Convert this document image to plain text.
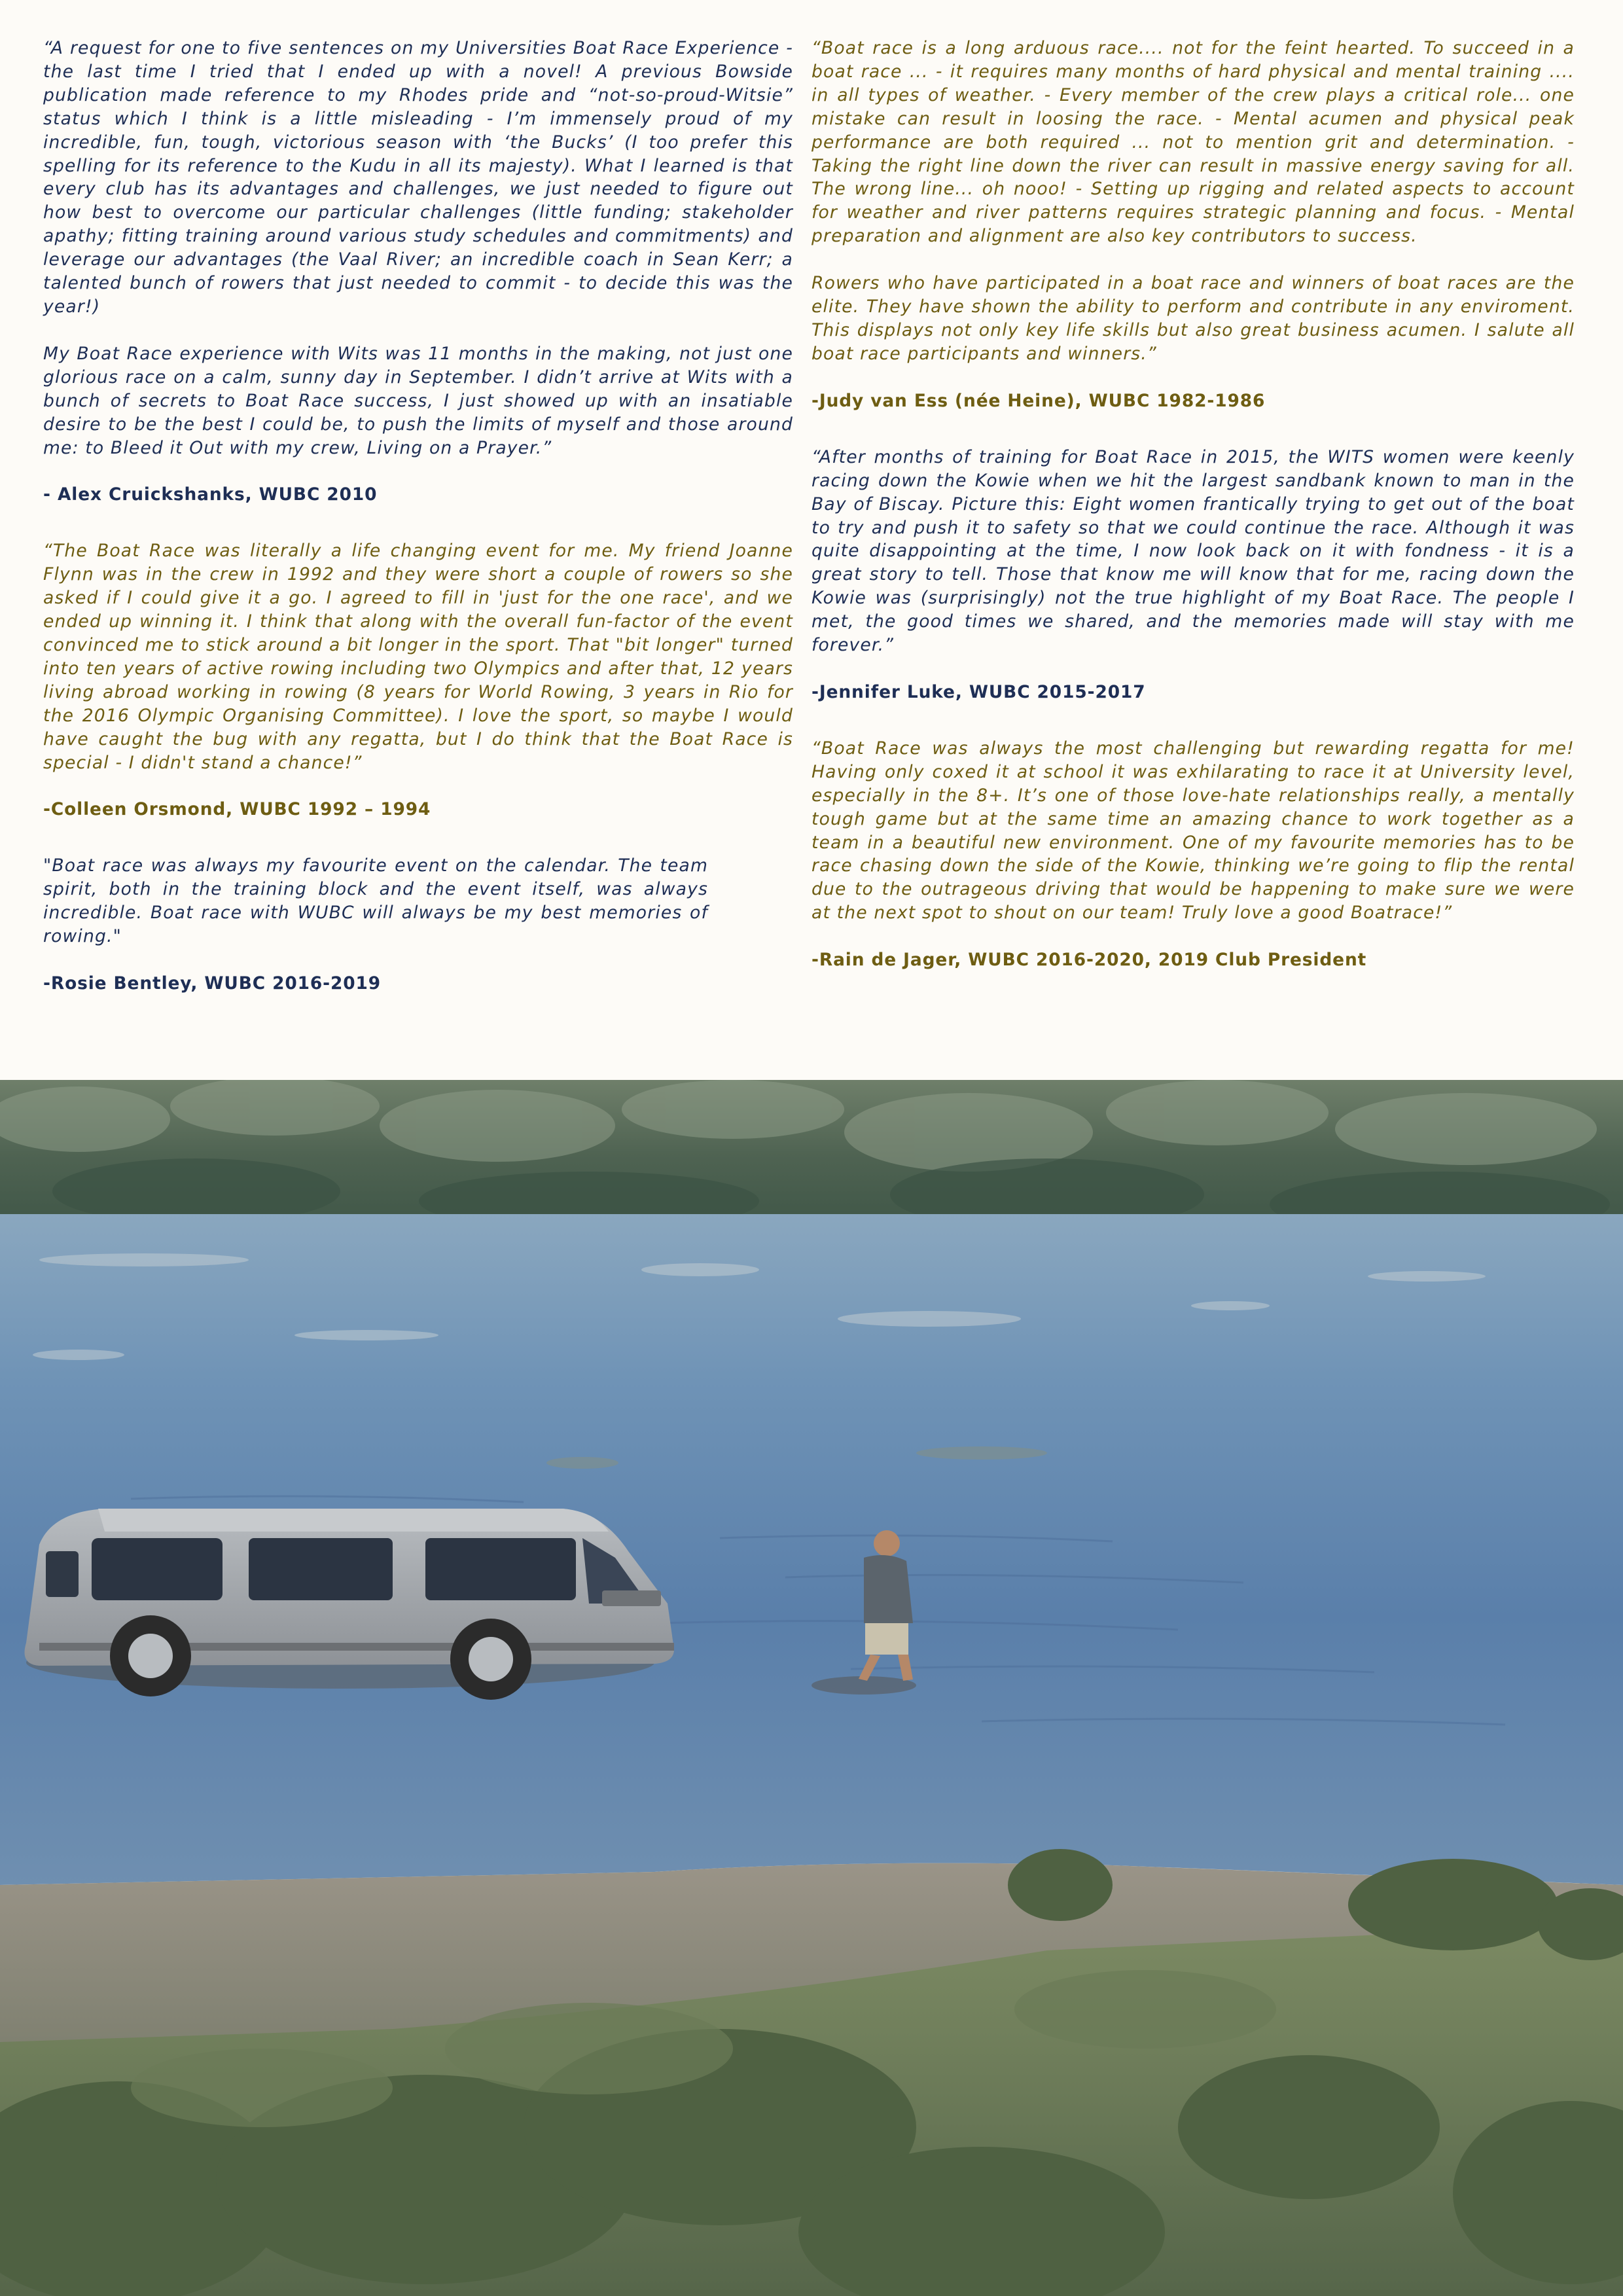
“A request for one to five sentences on my Universities Boat Race Experience - the last time I tried that I ended up with a novel! A previous Bowside publication made reference to my Rhodes pride and “not-so-proud-Witsie” status which I think is a little misleading - I’m immensely proud of my incredible, fun, tough, victorious season with ‘the Bucks’ (I too prefer this spelling for its reference to the Kudu in all its majesty). What I learned is that every club has its advantages and challenges, we just needed to figure out how best to overcome our particular challenges (little funding; stakeholder apathy; fitting training around various study schedules and commitments) and leverage our advantages (the Vaal River; an incredible coach in Sean Kerr; a talented bunch of rowers that just needed to commit - to decide this was the year!)

My Boat Race experience with Wits was 11 months in the making, not just one glorious race on a calm, sunny day in September. I didn’t arrive at Wits with a bunch of secrets to Boat Race success, I just showed up with an insatiable desire to be the best I could be, to push the limits of myself and those around me: to Bleed it Out with my crew, Living on a Prayer.”

- Alex Cruickshanks, WUBC 2010

“The Boat Race was literally a life changing event for me. My friend Joanne Flynn was in the crew in 1992 and they were short a couple of rowers so she asked if I could give it a go. I agreed to fill in 'just for the one race', and we ended up winning it. I think that along with the overall fun-factor of the event convinced me to stick around a bit longer in the sport. That "bit longer" turned into ten years of active rowing including two Olympics and after that, 12 years living abroad working in rowing (8 years for World Rowing, 3 years in Rio for the 2016 Olympic Organising Committee). I love the sport, so maybe I would have caught the bug with any regatta, but I do think that the Boat Race is special - I didn't stand a chance!”

-Colleen Orsmond, WUBC 1992 – 1994

"Boat race was always my favourite event on the calendar. The team spirit, both in the training block and the event itself, was always incredible. Boat race with WUBC will always be my best memories of rowing."

-Rosie Bentley, WUBC 2016-2019

“Boat race is a long arduous race.... not for the feint hearted. To succeed in a boat race ... - it requires many months of hard physical and mental training .... in all types of weather. - Every member of the crew plays a critical role... one mistake can result in loosing the race. - Mental acumen and physical peak performance are both required ... not to mention grit and determination. - Taking the right line down the river can result in massive energy saving for all. The wrong line... oh nooo! - Setting up rigging and related aspects to account for weather and river patterns requires strategic planning and focus. - Mental preparation and alignment are also key contributors to success.

Rowers who have participated in a boat race and winners of boat races are the elite. They have shown the ability to perform and contribute in any enviroment. This displays not only key life skills but also great business acumen. I salute all boat race participants and winners.”

-Judy van Ess (née Heine), WUBC 1982-1986

“After months of training for Boat Race in 2015, the WITS women were keenly racing down the Kowie when we hit the largest sandbank known to man in the Bay of Biscay. Picture this: Eight women frantically trying to get out of the boat to try and push it to safety so that we could continue the race. Although it was quite disappointing at the time, I now look back on it with fondness - it is a great story to tell. Those that know me will know that for me, racing down the Kowie was (surprisingly) not the true highlight of my Boat Race. The people I met, the good times we shared, and the memories made will stay with me forever.”

-Jennifer Luke, WUBC 2015-2017

“Boat Race was always the most challenging but rewarding regatta for me! Having only coxed it at school it was exhilarating to race it at University level, especially in the 8+. It’s one of those love-hate relationships really, a mentally tough game but at the same time an amazing chance to work together as a team in a beautiful new environment. One of my favourite memories has to be race chasing down the side of the Kowie, thinking we’re going to flip the rental due to the outrageous driving that would be happening to make sure we were at the next spot to shout on our team! Truly love a good Boatrace!”

-Rain de Jager, WUBC 2016-2020, 2019 Club President
